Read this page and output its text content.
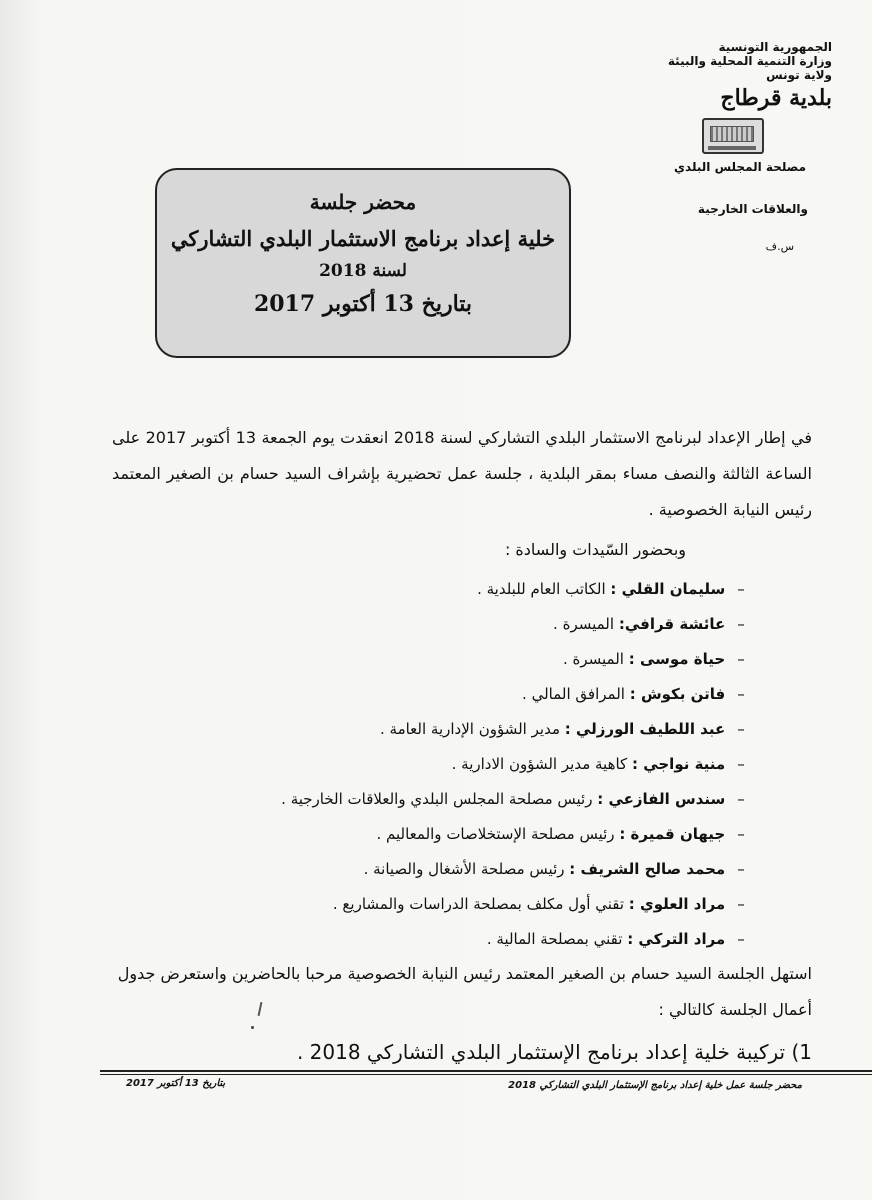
الجمهورية التونسية
وزارة التنمية المحلية والبيئة
ولاية تونس
بلدية قرطاج
مصلحة المجلس البلدي
والعلاقات الخارجية
س.ف
محضر جلسة
خلية إعداد برنامج الاستثمار البلدي التشاركي
لسنة 2018
بتاريخ 13 أكتوبر 2017
في إطار الإعداد لبرنامج الاستثمار البلدي التشاركي لسنة 2018 انعقدت يوم الجمعة 13 أكتوبر 2017 على الساعة الثالثة والنصف مساء بمقر البلدية ، جلسة عمل تحضيرية بإشراف السيد حسام بن الصغير المعتمد رئيس النيابة الخصوصية .
وبحضور السّيدات والسادة :
– سليمان القلي : الكاتب العام للبلدية .
– عائشة قرافي: الميسرة .
– حياة موسى : الميسرة .
– فاتن بكوش : المرافق المالي .
– عبد اللطيف الورزلي : مدير الشؤون الإدارية العامة .
– منية نواجي : كاهية مدير الشؤون الادارية .
– سندس الفازعي : رئيس مصلحة المجلس البلدي والعلاقات الخارجية .
– جيهان قميرة : رئيس مصلحة الإستخلاصات والمعاليم .
– محمد صالح الشريف : رئيس مصلحة الأشغال والصيانة .
– مراد العلوي : تقني أول مكلف بمصلحة الدراسات والمشاريع .
– مراد التركي : تقني بمصلحة المالية .
استهل الجلسة السيد حسام بن الصغير المعتمد رئيس النيابة الخصوصية مرحبا بالحاضرين واستعرض جدول أعمال الجلسة كالتالي :
1) تركيبة خلية إعداد برنامج الإستثمار البلدي التشاركي 2018 .
محضر جلسة عمل خلية إعداد برنامج الإستثمار البلدي التشاركي 2018
بتاريخ 13 أكتوبر 2017
